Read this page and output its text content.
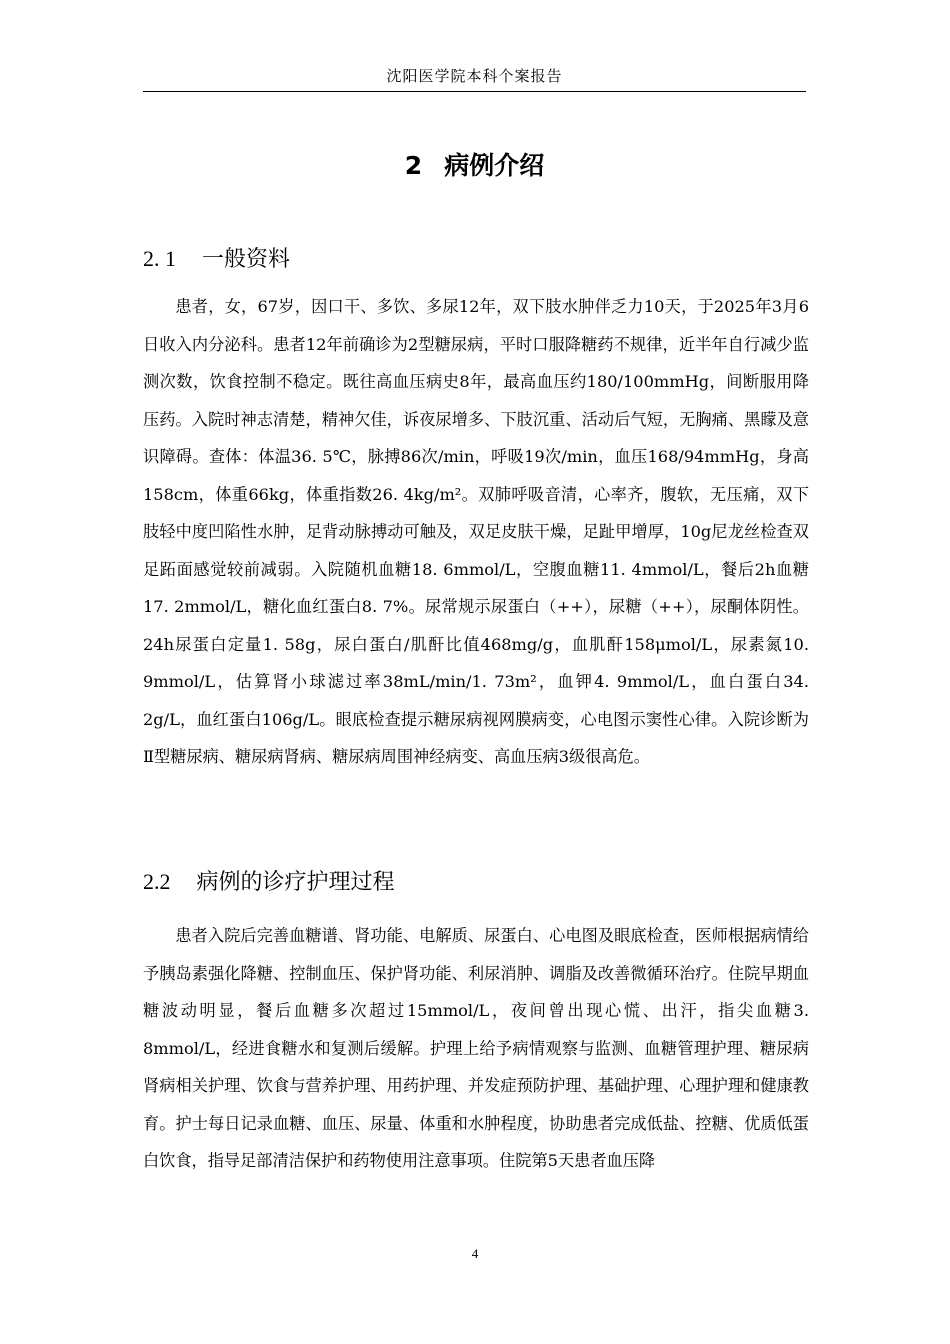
沈阳医学院本科个案报告
2 病例介绍
2. 1 一般资料

患者，女，67岁，因口干、多饮、多尿12年，双下肢水肿伴乏力10天，于2025年3月6日收入内分泌科。患者12年前确诊为2型糖尿病，平时口服降糖药不规律，近半年自行减少监测次数，饮食控制不稳定。既往高血压病史8年，最高血压约180/100mmHg，间断服用降压药。入院时神志清楚，精神欠佳，诉夜尿增多、下肢沉重、活动后气短，无胸痛、黑矇及意识障碍。查体：体温36. 5℃，脉搏86次/min，呼吸19次/min，血压168/94mmHg，身高158cm，体重66kg，体重指数26. 4kg/m²。双肺呼吸音清，心率齐，腹软，无压痛，双下肢轻中度凹陷性水肿，足背动脉搏动可触及，双足皮肤干燥，足趾甲增厚，10g尼龙丝检查双足跖面感觉较前减弱。入院随机血糖18. 6mmol/L，空腹血糖11. 4mmol/L，餐后2h血糖17. 2mmol/L，糖化血红蛋白8. 7%。尿常规示尿蛋白（++），尿糖（++），尿酮体阴性。24h尿蛋白定量1. 58g，尿白蛋白/肌酐比值468mg/g，血肌酐158μmol/L，尿素氮10. 9mmol/L，估算肾小球滤过率38mL/min/1. 73m²，血钾4. 9mmol/L，血白蛋白34. 2g/L，血红蛋白106g/L。眼底检查提示糖尿病视网膜病变，心电图示窦性心律。入院诊断为Ⅱ型糖尿病、糖尿病肾病、糖尿病周围神经病变、高血压病3级很高危。

2.2 病例的诊疗护理过程

患者入院后完善血糖谱、肾功能、电解质、尿蛋白、心电图及眼底检查，医师根据病情给予胰岛素强化降糖、控制血压、保护肾功能、利尿消肿、调脂及改善微循环治疗。住院早期血糖波动明显，餐后血糖多次超过15mmol/L，夜间曾出现心慌、出汗，指尖血糖3. 8mmol/L，经进食糖水和复测后缓解。护理上给予病情观察与监测、血糖管理护理、糖尿病肾病相关护理、饮食与营养护理、用药护理、并发症预防护理、基础护理、心理护理和健康教育。护士每日记录血糖、血压、尿量、体重和水肿程度，协助患者完成低盐、控糖、优质低蛋白饮食，指导足部清洁保护和药物使用注意事项。住院第5天患者血压降

4
